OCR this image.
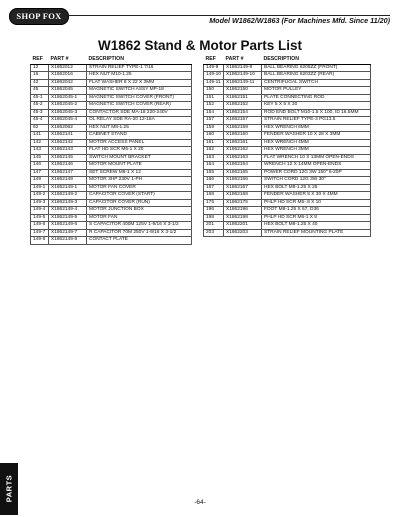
SHOP FOX	Model W1862/W1863 (For Machines Mfd. Since 11/20)
W1862 Stand & Motor Parts List
REF	PART #	DESCRIPTION
12	X1862012	STRAIN RELIEF TYPE-1 7/16
16	X1862016	HEX NUT M10-1.25
42	X1862042	FLAT WASHER 8 X 22 X 3MM
45	X1862045	MAGNETIC SWITCH ASSY MP-18
45-1	X1862045-1	MAGNETIC SWITCH COVER (FRONT)
45-2	X1862045-2	MAGNETIC SWITCH COVER (REAR)
45-3	X1862045-3	CONTACTOR SDE MA-18 220-240V
45-4	X1862045-4	OL RELAY SDE RA-20 12-18A
62	X1862062	HEX NUT M8-1.25
141	X1862141	CABINET STAND
142	X1862142	MOTOR ACCESS PANEL
143	X1862143	FLAT HD SCR M6-1 X 20
145	X1862145	SWITCH MOUNT BRACKET
146	X1862146	MOTOR MOUNT PLATE
147	X1862147	SET SCREW M6-1 X 12
149	X1862149	MOTOR 3HP 230V 1-PH
149-1	X1862149-1	MOTOR FAN COVER
149-2	X1862149-2	CAPACITOR COVER (START)
149-3	X1862149-3	CAPACITOR COVER (RUN)
149-4	X1862149-4	MOTOR JUNCTION BOX
149-5	X1862149-5	MOTOR FAN
149-6	X1862149-6	S CAPACITOR 400M 125V 1-9/16 X 3-1/2
149-7	X1862149-7	R CAPACITOR 70M 250V 1-9/16 X 3-1/2
149-8	X1862149-8	CONTACT PLATE
REF	PART #	DESCRIPTION
149-9	X1862149-9	BALL BEARING 6205ZZ (FRONT)
149-10	X1862149-10	BALL BEARING 6203ZZ (REAR)
149-11	X1862149-11	CENTRIFUGAL SWITCH
150	X1862150	MOTOR PULLEY
151	X1862151	PLATE CONNECTING ROD
152	X1862152	KEY 5 X 5 X 30
154	X1862154	ROD END BOLT M10-1.5 X 100, ID 16.5MM
157	X1862157	STRAIN RELIEF TYPE-3 PG13.5
159	X1862159	HEX WRENCH 6MM
160	X1862160	FENDER WASHER 10 X 28 X 3MM
161	X1862161	HEX WRENCH 4MM
162	X1862162	HEX WRENCH 3MM
163	X1862163	FLAT WRENCH 10 X 13MM OPEN-ENDS
164	X1862164	WRENCH 12 X 14MM OPEN-ENDS
165	X1862165	POWER CORD 12G 3W 150" 6-20P
166	X1862166	SWITCH CORD 12G 3W 30"
167	X1862167	HEX BOLT M8-1.25 X 25
168	X1862168	FENDER WASHER 8 X 30 X 4MM
175	X1862175	PHLP HD SCR M5-.8 X 10
196	X1862196	FOOT M8-1.25 X 67, D36
198	X1862198	PHLP HD SCR M6-1 X 8
201	X1862201	HEX BOLT M8-1.25 X 40
203	X1862203	STRAIN RELIEF MOUNTING PLATE
PARTS
-64-
